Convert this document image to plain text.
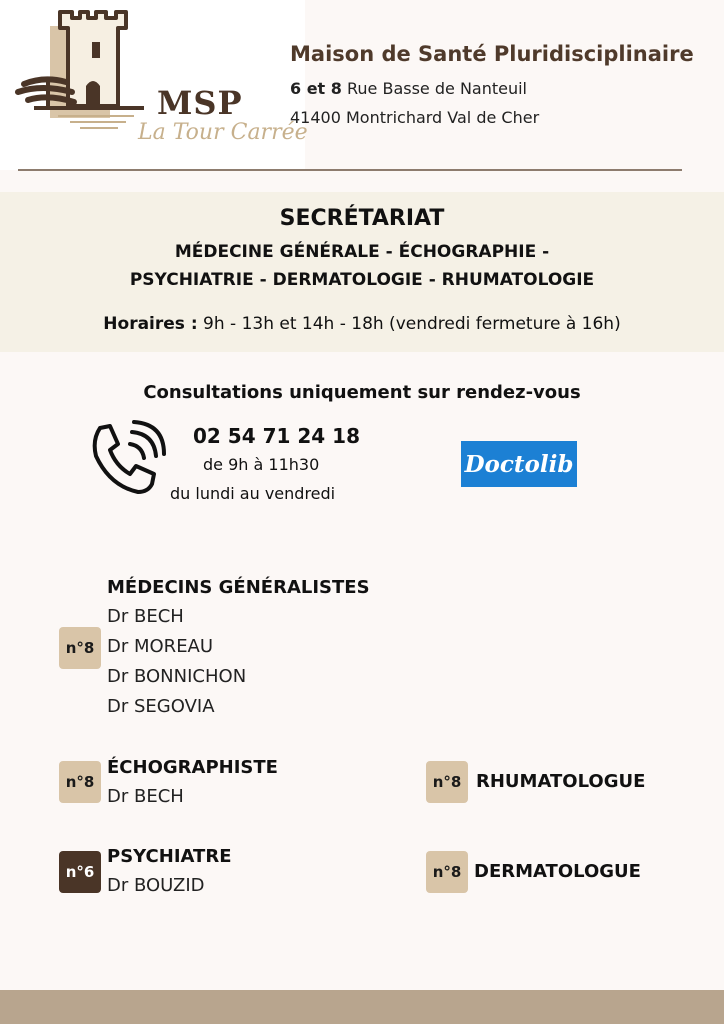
MSP
La Tour Carrée
Maison de Santé Pluridisciplinaire
6 et 8 Rue Basse de Nanteuil
41400 Montrichard Val de Cher
SECRÉTARIAT
MÉDECINE GÉNÉRALE - ÉCHOGRAPHIE -
PSYCHIATRIE - DERMATOLOGIE - RHUMATOLOGIE
Horaires : 9h - 13h et 14h - 18h (vendredi fermeture à 16h)
Consultations uniquement sur rendez-vous
02 54 71 24 18
de 9h à 11h30
du lundi au vendredi
Doctolib
n°8
MÉDECINS GÉNÉRALISTES
Dr BECH
Dr MOREAU
Dr BONNICHON
Dr SEGOVIA
n°8
ÉCHOGRAPHISTE
Dr BECH
n°8 RHUMATOLOGUE
n°6
PSYCHIATRE
Dr BOUZID
n°8 DERMATOLOGUE
